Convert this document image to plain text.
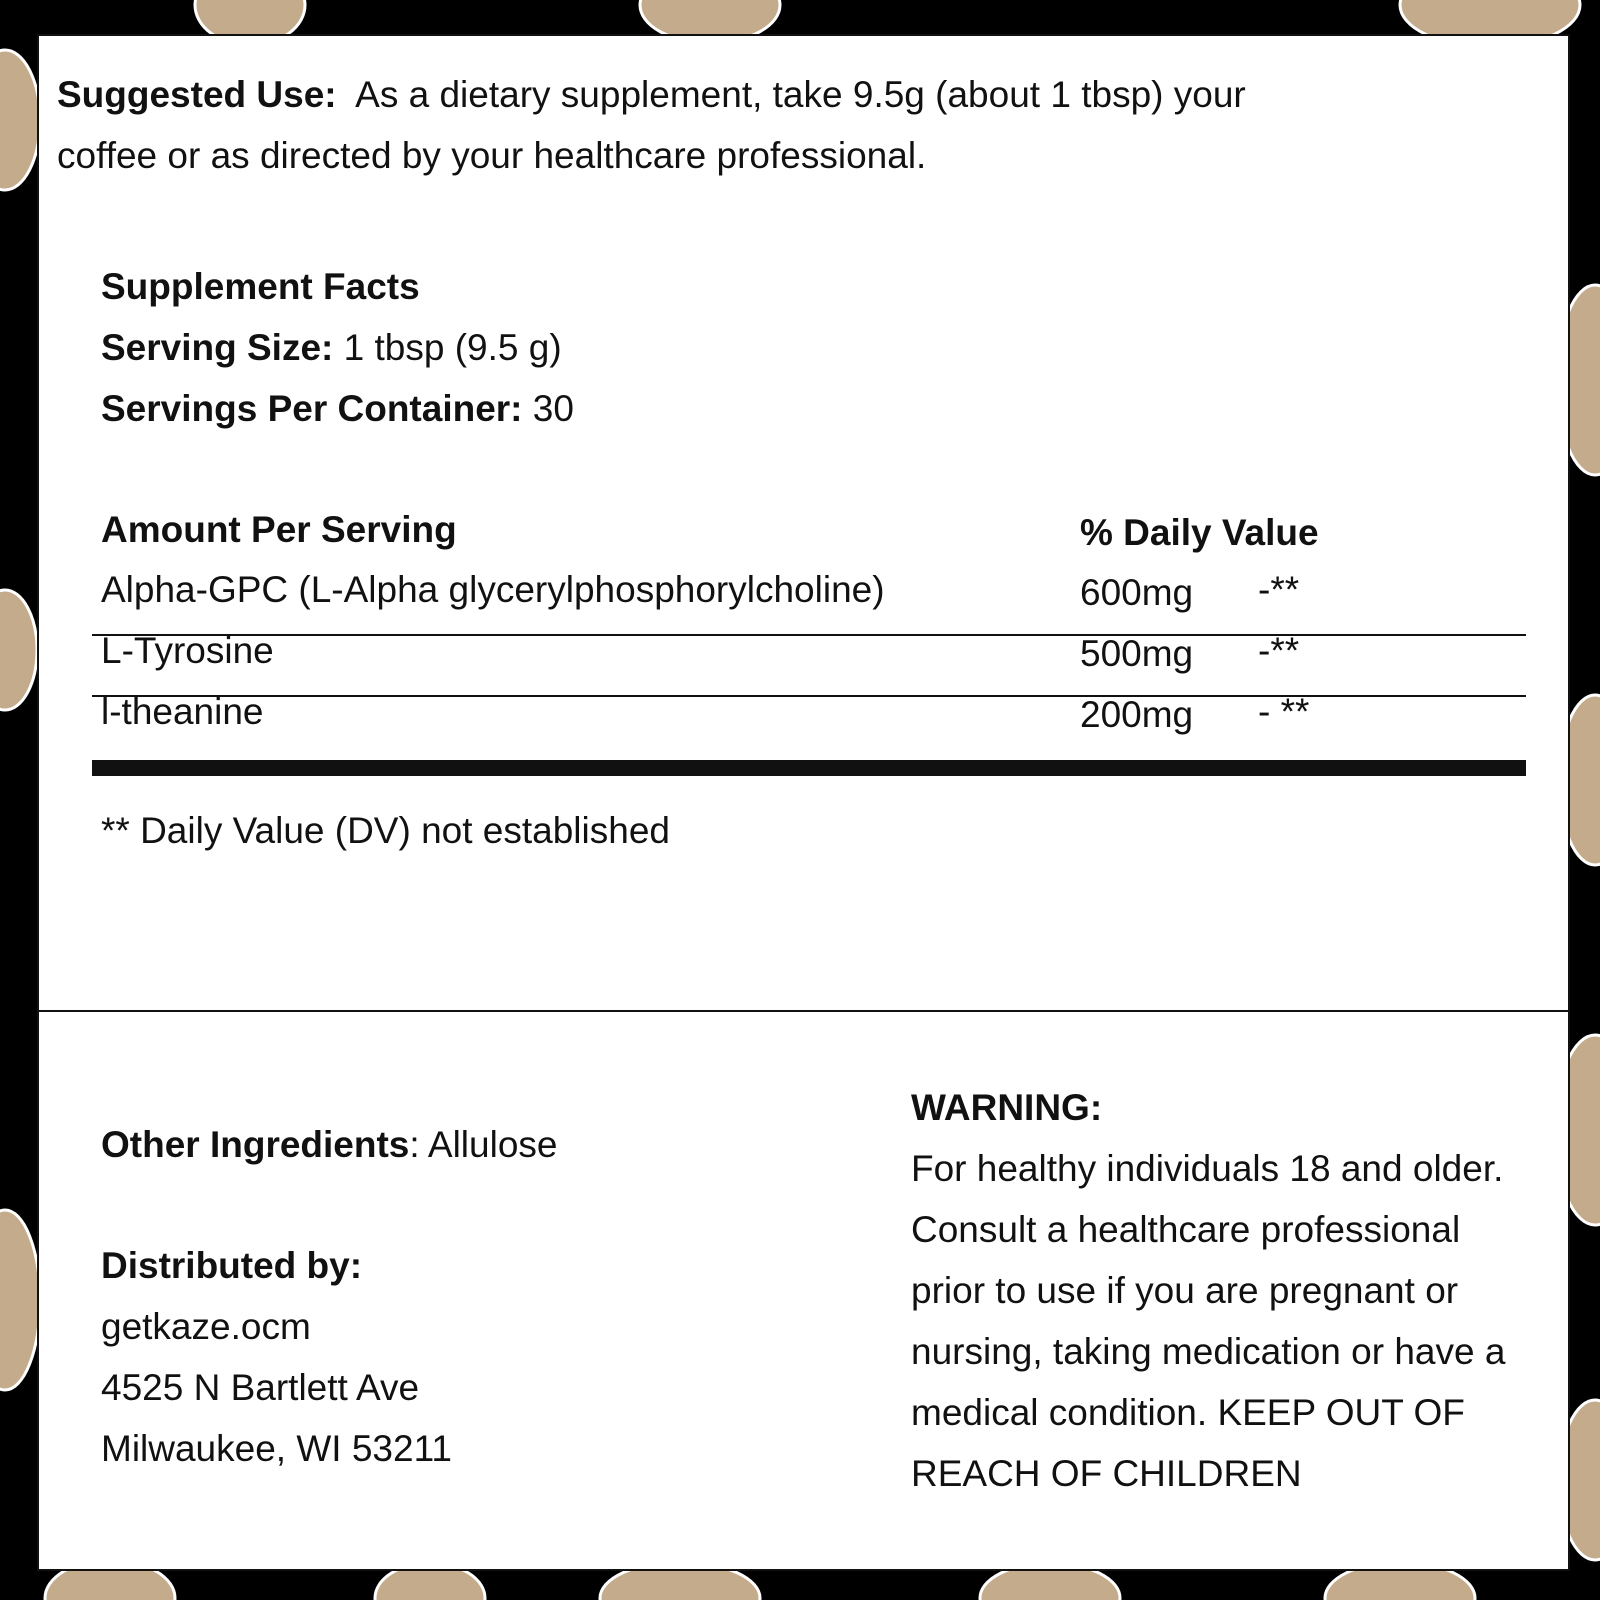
Suggested Use: As a dietary supplement, take 9.5g (about 1 tbsp) your
coffee or as directed by your healthcare professional.
Supplement Facts
Serving Size: 1 tbsp (9.5 g)
Servings Per Container: 30
Amount Per Serving	% Daily Value
Alpha-GPC (L-Alpha glycerylphosphorylcholine)	600mg -**
L-Tyrosine	500mg -**
l-theanine	200mg - **
** Daily Value (DV) not established
Other Ingredients: Allulose
Distributed by:
getkaze.ocm
4525 N Bartlett Ave
Milwaukee, WI 53211
WARNING:
For healthy individuals 18 and older.
Consult a healthcare professional
prior to use if you are pregnant or
nursing, taking medication or have a
medical condition. KEEP OUT OF
REACH OF CHILDREN
